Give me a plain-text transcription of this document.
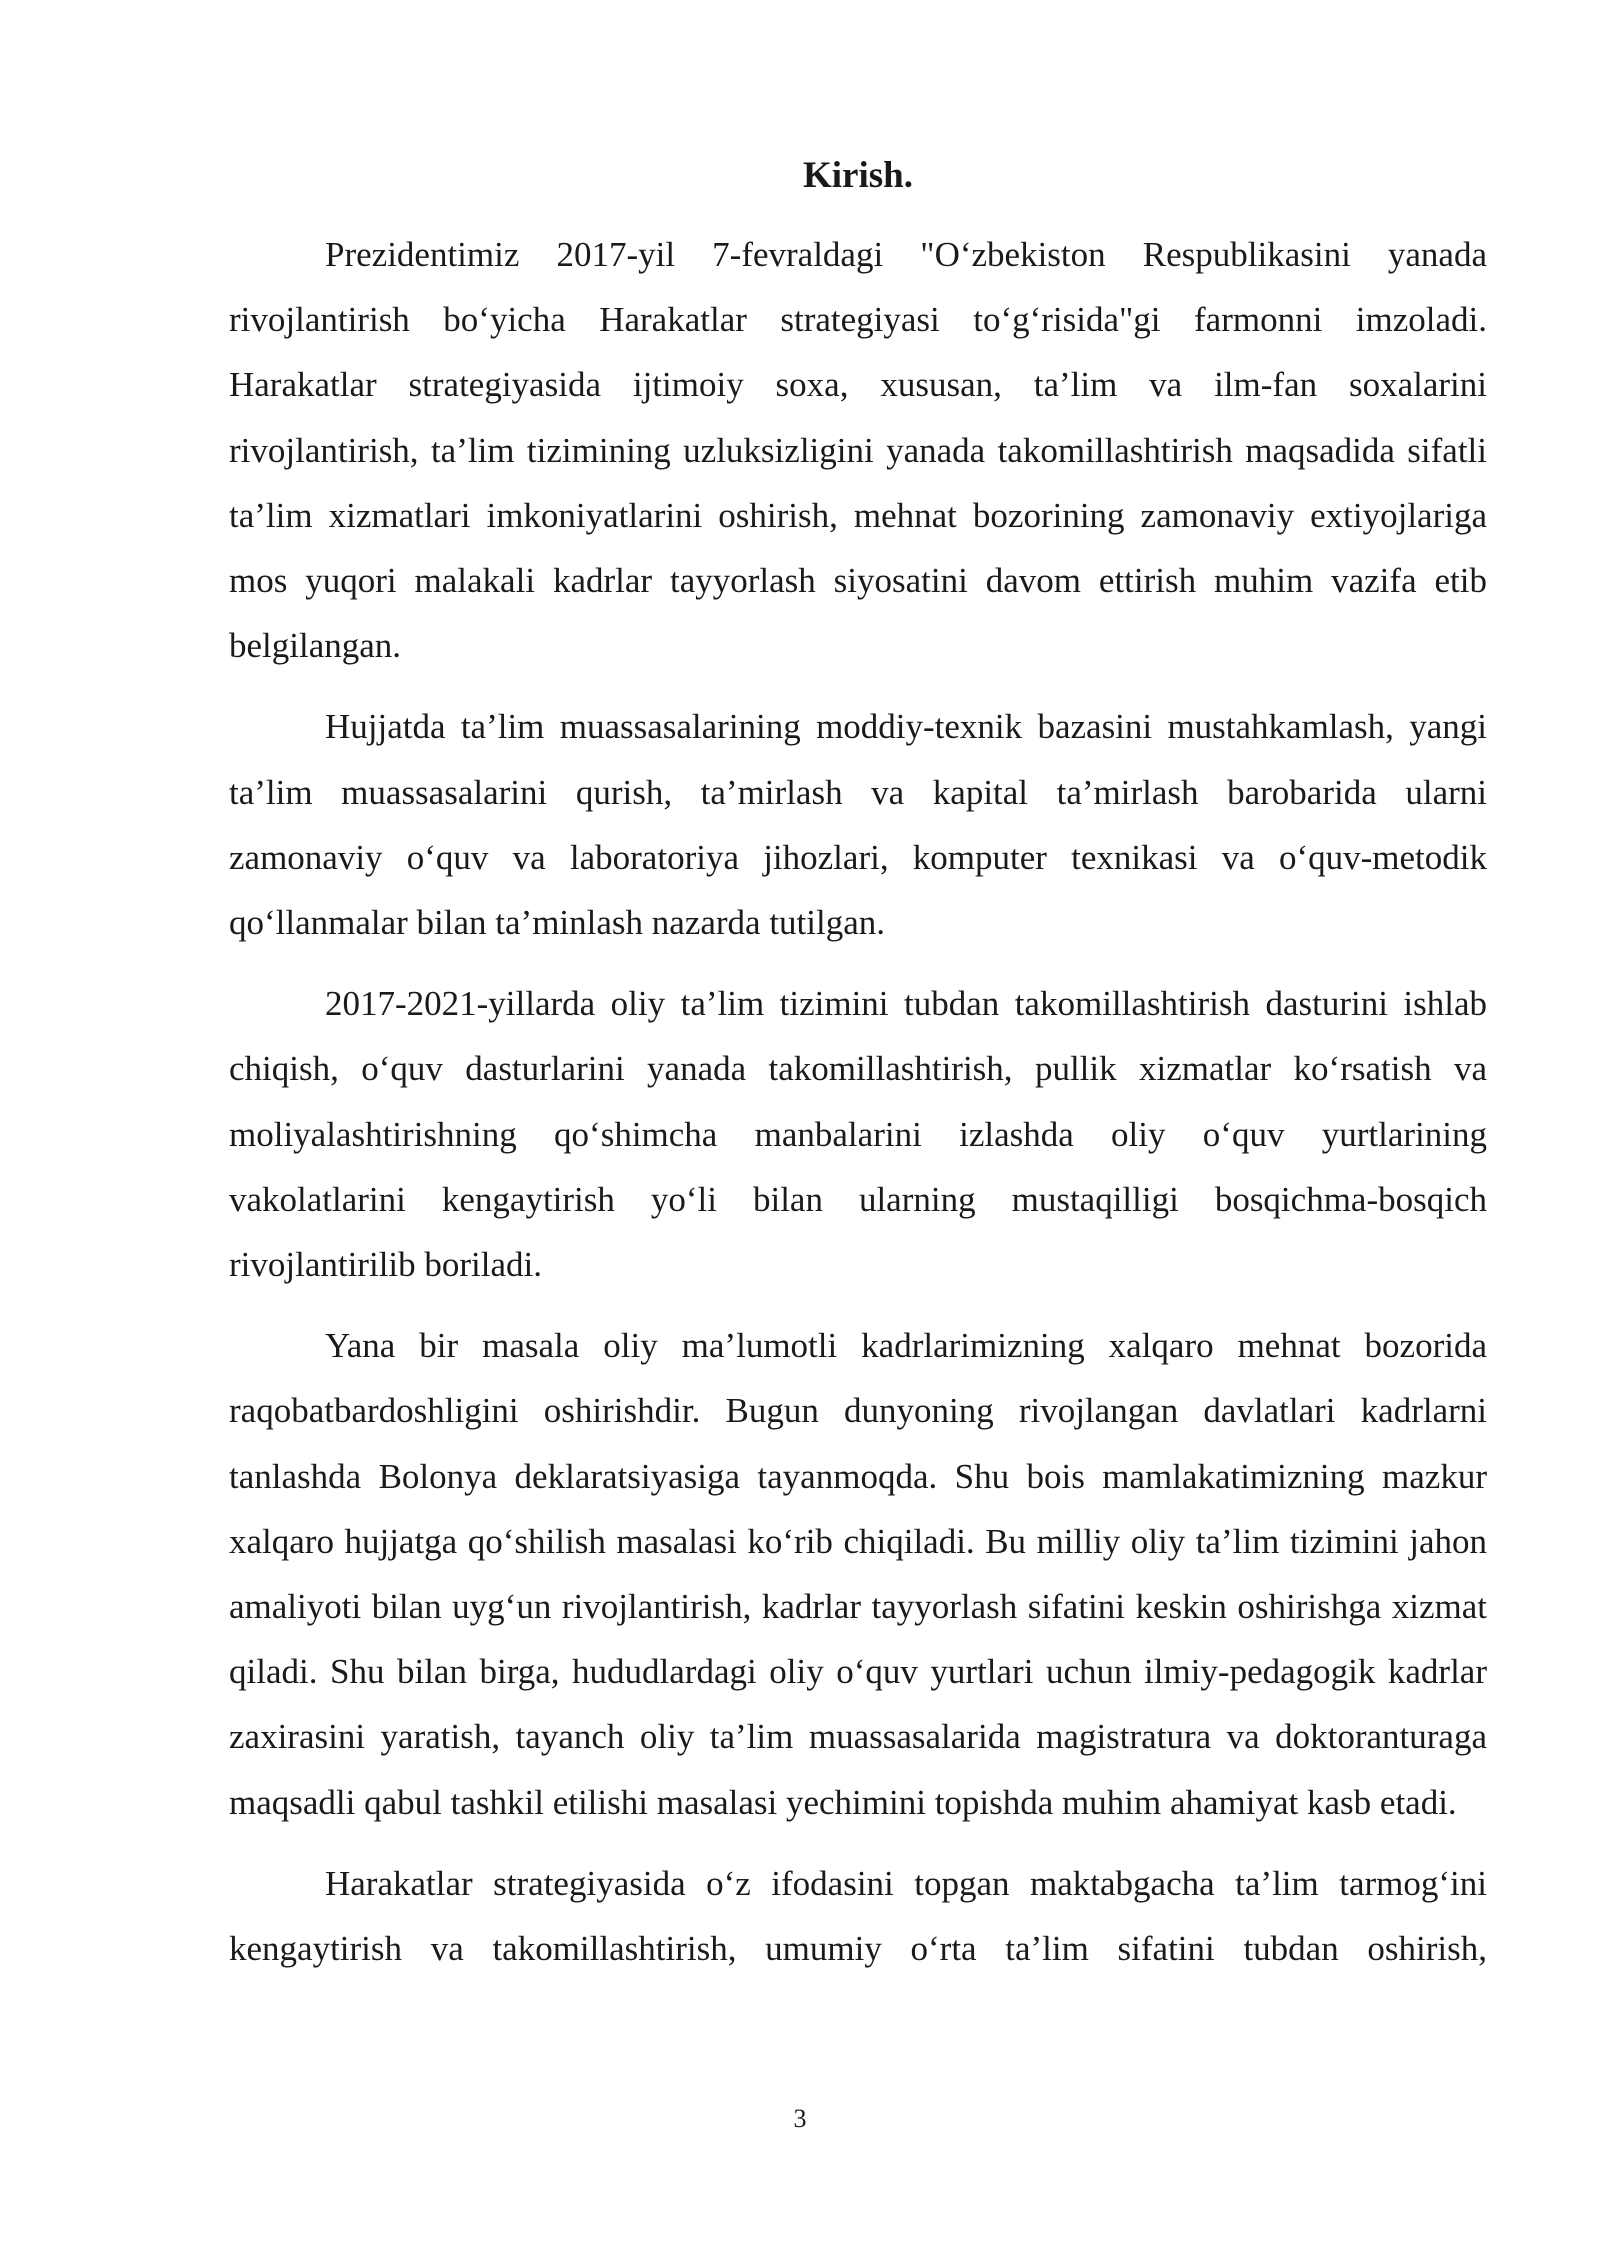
Kirish.

Prezidentimiz 2017-yil 7-fevraldagi "O‘zbekiston Respublikasini yanada rivojlantirish bo‘yicha Harakatlar strategiyasi to‘g‘risida"gi farmonni imzoladi. Harakatlar strategiyasida ijtimoiy soxa, xususan, ta’lim va ilm-fan soxalarini rivojlantirish, ta’lim tizimining uzluksizligini yanada takomillashtirish maqsadida sifatli ta’lim xizmatlari imkoniyatlarini oshirish, mehnat bozorining zamonaviy extiyojlariga mos yuqori malakali kadrlar tayyorlash siyosatini davom ettirish muhim vazifa etib belgilangan.

Hujjatda ta’lim muassasalarining moddiy-texnik bazasini mustahkamlash, yangi ta’lim muassasalarini qurish, ta’mirlash va kapital ta’mirlash barobarida ularni zamonaviy o‘quv va laboratoriya jihozlari, komputer texnikasi va o‘quv-metodik qo‘llanmalar bilan ta’minlash nazarda tutilgan.

2017-2021-yillarda oliy ta’lim tizimini tubdan takomillashtirish dasturini ishlab chiqish, o‘quv dasturlarini yanada takomillashtirish, pullik xizmatlar ko‘rsatish va moliyalashtirishning qo‘shimcha manbalarini izlashda oliy o‘quv yurtlarining vakolatlarini kengaytirish yo‘li bilan ularning mustaqilligi bosqichma-bosqich rivojlantirilib boriladi.

Yana bir masala oliy ma’lumotli kadrlarimizning xalqaro mehnat bozorida raqobatbardoshligini oshirishdir. Bugun dunyoning rivojlangan davlatlari kadrlarni tanlashda Bolonya deklaratsiyasiga tayanmoqda. Shu bois mamlakatimizning mazkur xalqaro hujjatga qo‘shilish masalasi ko‘rib chiqiladi. Bu milliy oliy ta’lim tizimini jahon amaliyoti bilan uyg‘un rivojlantirish, kadrlar tayyorlash sifatini keskin oshirishga xizmat qiladi. Shu bilan birga, hududlardagi oliy o‘quv yurtlari uchun ilmiy-pedagogik kadrlar zaxirasini yaratish, tayanch oliy ta’lim muassasalarida magistratura va doktoranturaga maqsadli qabul tashkil etilishi masalasi yechimini topishda muhim ahamiyat kasb etadi.

Harakatlar strategiyasida o‘z ifodasini topgan maktabgacha ta’lim tarmog‘ini kengaytirish va takomillashtirish, umumiy o‘rta ta’lim sifatini tubdan oshirish,

3
